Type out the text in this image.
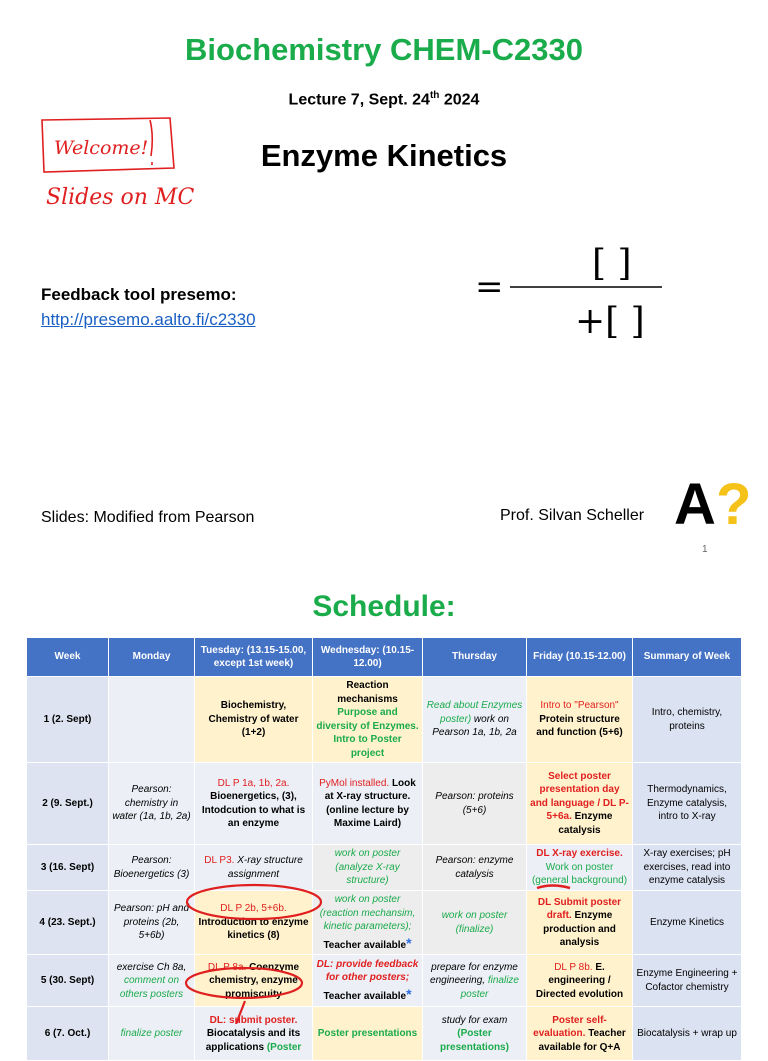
Biochemistry CHEM-C2330
Lecture 7, Sept. 24th 2024
Enzyme Kinetics
Welcome!
Slides on MC
Feedback tool presemo:
http://presemo.aalto.fi/c2330
=
[ ]
+[ ]
Slides: Modified from Pearson	Prof. Silvan Scheller A ?
1
Schedule:
Week	Monday	Tuesday: (13.15-15.00, except 1st week)	Wednesday: (10.15-12.00)	Thursday	Friday (10.15-12.00)	Summary of Week
1 (2. Sept)		Biochemistry, Chemistry of water (1+2)	Reaction mechanisms Purpose and diversity of Enzymes. Intro to Poster project	Read about Enzymes poster) work on Pearson 1a, 1b, 2a	Intro to "Pearson" Protein structure and function (5+6)	Intro, chemistry, proteins
2 (9. Sept.)	Pearson: chemistry in water (1a, 1b, 2a)	DL P 1a, 1b, 2a. Bioenergetics, (3), Intodcution to what is an enzyme	PyMol installed. Look at X-ray structure. (online lecture by Maxime Laird)	Pearson: proteins (5+6)	Select poster presentation day and language / DL P-5+6a. Enzyme catalysis	Thermodynamics, Enzyme catalysis, intro to X-ray
3 (16. Sept)	Pearson: Bioenergetics (3)	DL P3. X-ray structure assignment	work on poster (analyze X-ray structure)	Pearson: enzyme catalysis	DL X-ray exercise. Work on poster (general background)	X-ray exercises; pH exercises, read into enzyme catalysis
4 (23. Sept.)	Pearson: pH and proteins (2b, 5+6b)	DL P 2b, 5+6b. Introduction to enzyme kinetics (8)	work on poster (reaction mechansim, kinetic parameters); Teacher available*	work on poster (finalize)	DL Submit poster draft. Enzyme production and analysis	Enzyme Kinetics
5 (30. Sept)	exercise Ch 8a, comment on others posters	DL P 8a. Coenzyme chemistry, enzyme promiscuity	DL: provide feedback for other posters; Teacher available*	prepare for enzyme engineering, finalize poster	DL P 8b. E. engineering / Directed evolution	Enzyme Engineering + Cofactor chemistry
6 (7. Oct.)	finalize poster	DL: submit poster. Biocatalysis and its applications (Poster	Poster presentations	study for exam (Poster presentations)	Poster self-evaluation. Teacher available for Q+A	Biocatalysis + wrap up
